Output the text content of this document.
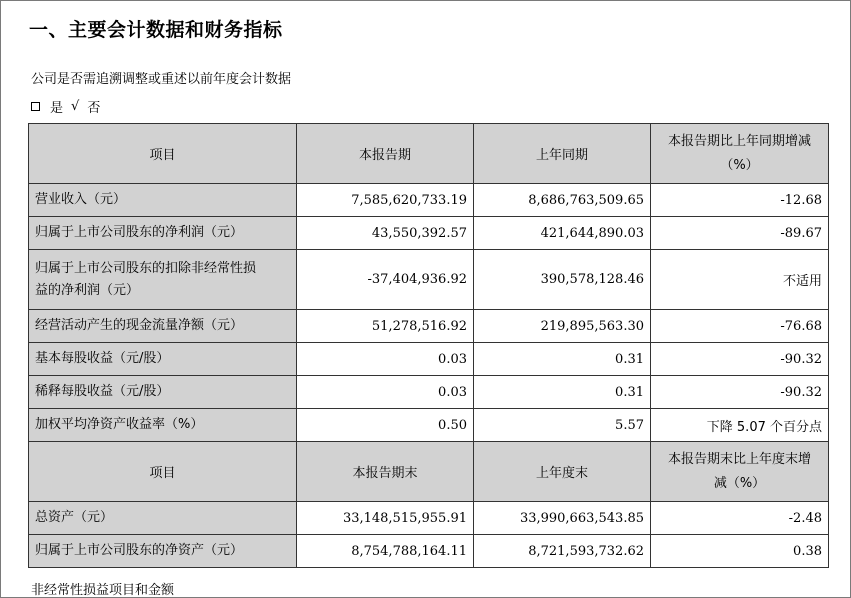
一、主要会计数据和财务指标
公司是否需追溯调整或重述以前年度会计数据
是 √ 否
项目	本报告期	上年同期	本报告期比上年同期增减
（%）

营业收入（元）	7,585,620,733.19	8,686,763,509.65	-12.68
归属于上市公司股东的净利润（元）	43,550,392.57	421,644,890.03	-89.67

归属于上市公司股东的扣除非经常性损
益的净利润（元）	-37,404,936.92	390,578,128.46	不适用
经营活动产生的现金流量净额（元）	51,278,516.92	219,895,563.30	-76.68
基本每股收益（元/股）	0.03	0.31	-90.32
稀释每股收益（元/股）	0.03	0.31	-90.32
加权平均净资产收益率（%）	0.50	5.57	下降 5.07 个百分点
项目	本报告期末	上年度末	本报告期末比上年度末增
减（%）

总资产（元）	33,148,515,955.91	33,990,663,543.85	-2.48
归属于上市公司股东的净资产（元）	8,754,788,164.11	8,721,593,732.62	0.38
非经常性损益项目和金额
